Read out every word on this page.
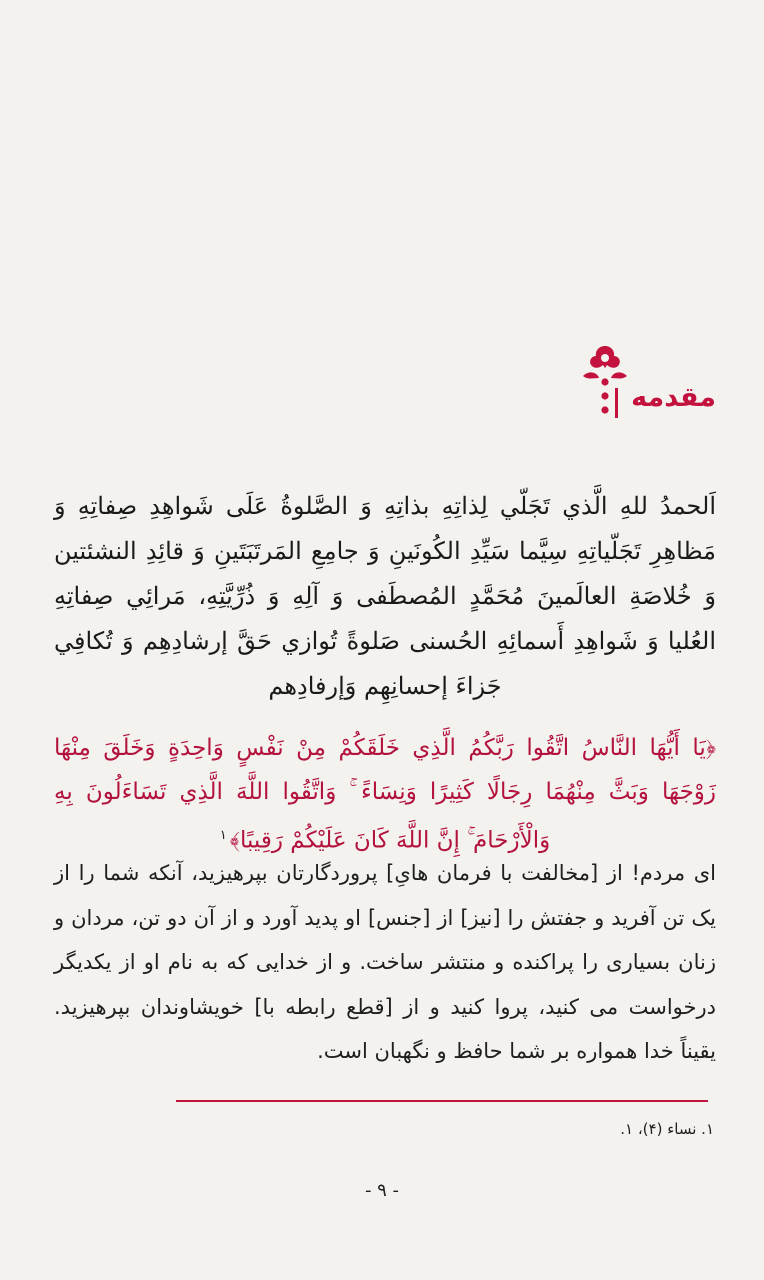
مقدمه

اَلحمدُ للهِ الَّذي تَجَلّي لِذاتِهِ بذاتِهِ وَ الصَّلوةُ عَلَى شَواهِدِ صِفاتِهِ وَ مَظاهِرِ تَجَلّياتِهِ سِيَّما سَيِّدِ الكُونَينِ وَ جامِعِ المَرتَبَتَينِ وَ قائِدِ النشئتين وَ خُلاصَةِ العالَمينَ مُحَمَّدٍ المُصطَفى وَ آلِهِ وَ ذُرِّيَّتِهِ، مَرائِي صِفاتِهِ العُليا وَ شَواهِدِ أَسمائِهِ الحُسنى صَلوةً تُوازي حَقَّ إرشادِهِم وَ تُكافِي جَزاءَ إحسانِهِم وَإرفادِهم

﴿يَا أَيُّهَا النَّاسُ اتَّقُوا رَبَّكُمُ الَّذِي خَلَقَكُمْ مِنْ نَفْسٍ وَاحِدَةٍ وَخَلَقَ مِنْهَا زَوْجَهَا وَبَثَّ مِنْهُمَا رِجَالًا كَثِيرًا وَنِسَاءً ۚ وَاتَّقُوا اللَّهَ الَّذِي تَسَاءَلُونَ بِهِ وَالْأَرْحَامَ ۚ إِنَّ اللَّهَ كَانَ عَلَيْكُمْ رَقِيبًا﴾$^۱$

ای مردم! از [مخالفت با فرمان هایِ] پروردگارتان بپرهیزید، آنکه شما را از یک تن آفرید و جفتش را [نیز] از [جنس] او پدید آورد و از آن دو تن، مردان و زنان بسیاری را پراکنده و منتشر ساخت. و از خدایی که به نام او از یکدیگر درخواست می کنید، پروا کنید و از [قطع رابطه با] خویشاوندان بپرهیزید. یقیناً خدا همواره بر شما حافظ و نگهبان است.

۱. نساء (۴)، ۱.
- ۹ -
